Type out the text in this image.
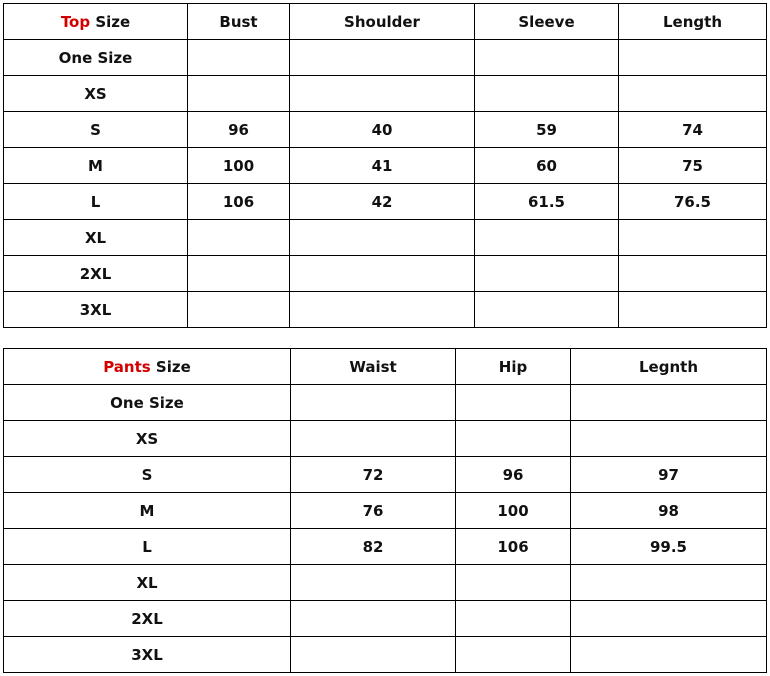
Top Size	Bust	Shoulder	Sleeve	Length
One Size				
XS				
S	96	40	59	74
M	100	41	60	75
L	106	42	61.5	76.5
XL				
2XL				
3XL				
Pants Size	Waist	Hip	Legnth
One Size			
XS			
S	72	96	97
M	76	100	98
L	82	106	99.5
XL			
2XL			
3XL			
